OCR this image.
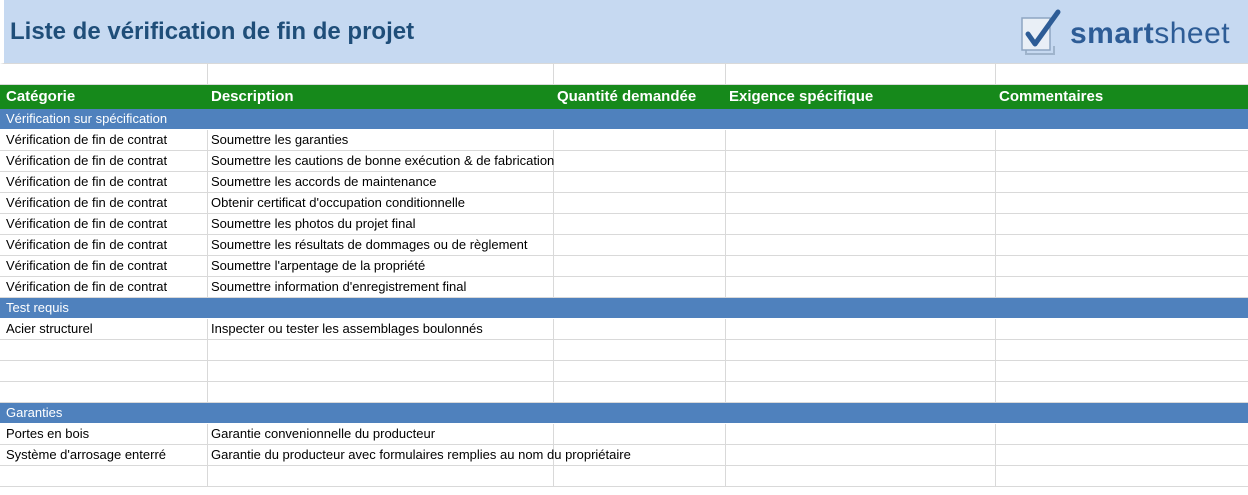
Liste de vérification de fin de projet	smartsheet
Catégorie	Description	Quantité demandée	Exigence spécifique	Commentaires
Vérification sur spécification
Vérification de fin de contrat	Soumettre les garanties
Vérification de fin de contrat	Soumettre les cautions de bonne exécution & de fabrication
Vérification de fin de contrat	Soumettre les accords de maintenance
Vérification de fin de contrat	Obtenir certificat d'occupation conditionnelle
Vérification de fin de contrat	Soumettre les photos du projet final
Vérification de fin de contrat	Soumettre les résultats de dommages ou de règlement
Vérification de fin de contrat	Soumettre l'arpentage de la propriété
Vérification de fin de contrat	Soumettre information d'enregistrement final
Test requis
Acier structurel	Inspecter ou tester les assemblages boulonnés
Garanties
Portes en bois	Garantie convenionnelle du producteur
Système d'arrosage enterré	Garantie du producteur avec formulaires remplies au nom du propriétaire
